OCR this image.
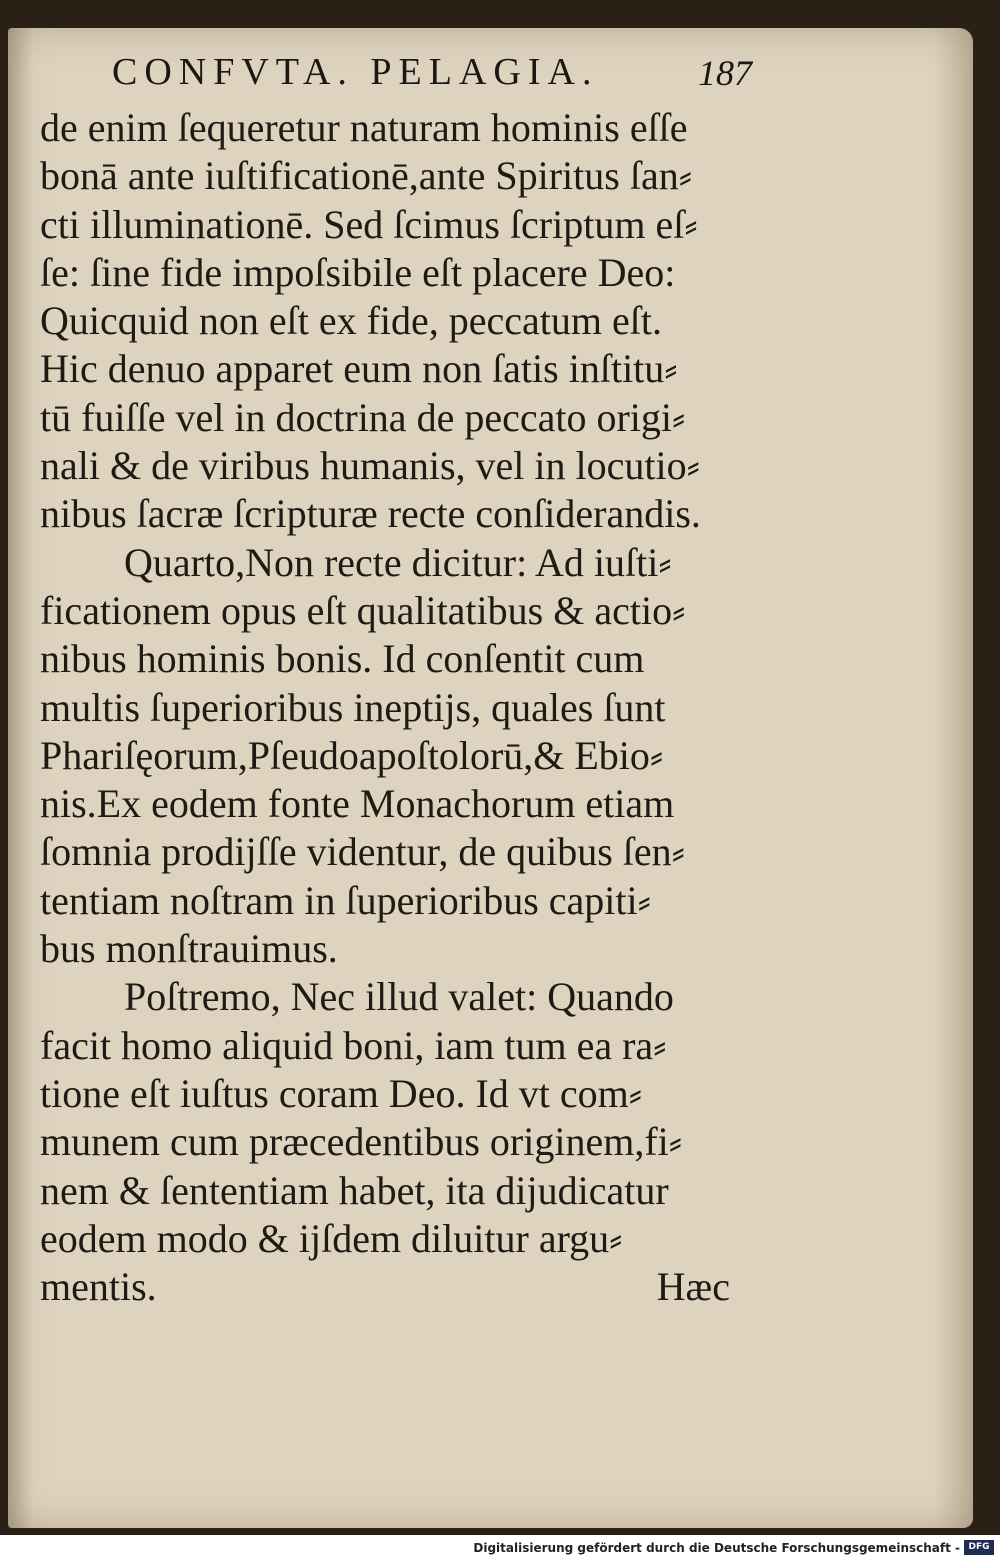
CONFVTA. PELAGIA.	187
de enim ſequeretur naturam hominis eſſe
bonā ante iuſtificationē,ante Spiritus ſan⸗
cti illuminationē. Sed ſcimus ſcriptum eſ⸗
ſe: ſine fide impoſsibile eſt placere Deo:
Quicquid non eſt ex fide, peccatum eſt.
Hic denuo apparet eum non ſatis inſtitu⸗
tū fuiſſe vel in doctrina de peccato origi⸗
nali & de viribus humanis, vel in locutio⸗
nibus ſacræ ſcripturæ recte conſiderandis.
Quarto,Non recte dicitur: Ad iuſti⸗
ficationem opus eſt qualitatibus & actio⸗
nibus hominis bonis. Id conſentit cum
multis ſuperioribus ineptijs, quales ſunt
Phariſęorum,Pſeudoapoſtolorū,& Ebio⸗
nis.Ex eodem fonte Monachorum etiam
ſomnia prodijſſe videntur, de quibus ſen⸗
tentiam noſtram in ſuperioribus capiti⸗
bus monſtrauimus.
Poſtremo, Nec illud valet: Quando
facit homo aliquid boni, iam tum ea ra⸗
tione eſt iuſtus coram Deo. Id vt com⸗
munem cum præcedentibus originem,fi⸗
nem & ſententiam habet, ita dijudicatur
eodem modo & ijſdem diluitur argu⸗
mentis.	Hæc
Digitalisierung gefördert durch die Deutsche Forschungsgemeinschaft - DFG
